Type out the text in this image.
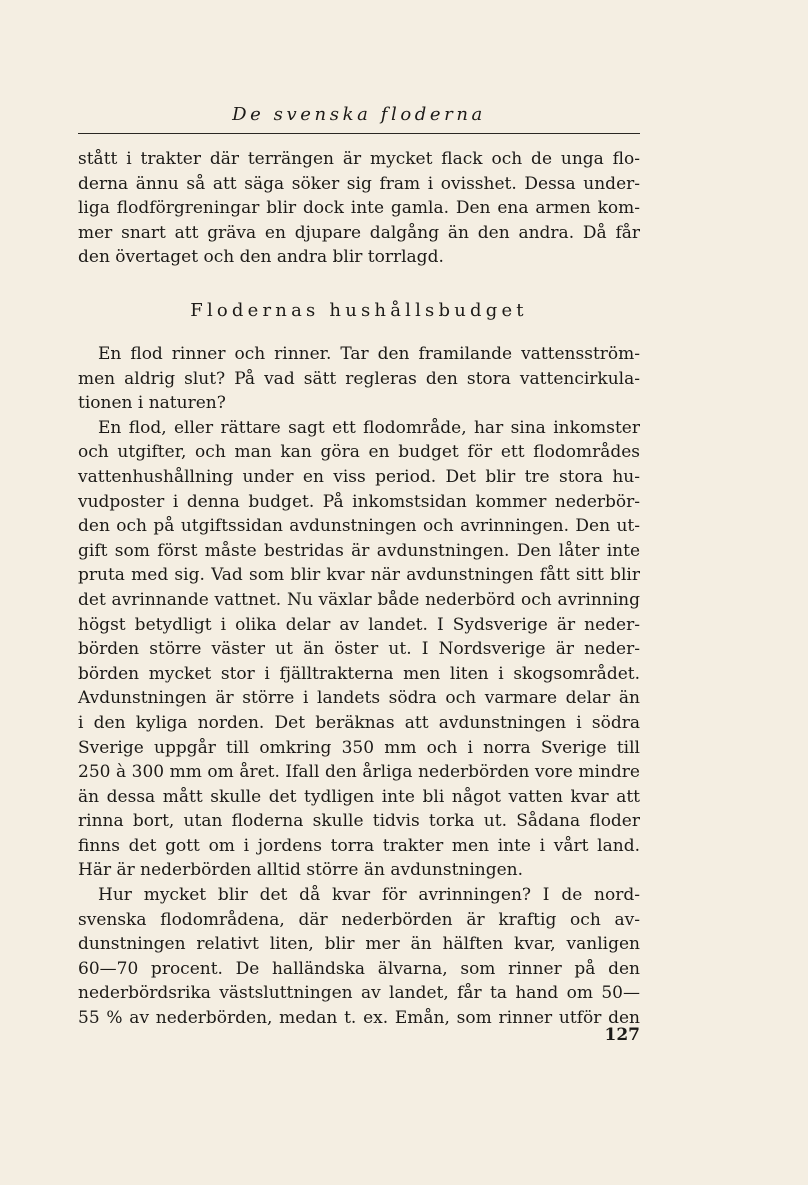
De svenska floderna
stått i trakter där terrängen är mycket flack och de unga flo-
derna ännu så att säga söker sig fram i ovisshet. Dessa under-
liga flodförgreningar blir dock inte gamla. Den ena armen kom-
mer snart att gräva en djupare dalgång än den andra. Då får
den övertaget och den andra blir torrlagd.
Flodernas hushållsbudget
En flod rinner och rinner. Tar den framilande vattensström-
men aldrig slut? På vad sätt regleras den stora vattencirkula-
tionen i naturen?
En flod, eller rättare sagt ett flodområde, har sina inkomster
och utgifter, och man kan göra en budget för ett flodområdes
vattenhushållning under en viss period. Det blir tre stora hu-
vudposter i denna budget. På inkomstsidan kommer nederbör-
den och på utgiftssidan avdunstningen och avrinningen. Den ut-
gift som först måste bestridas är avdunstningen. Den låter inte
pruta med sig. Vad som blir kvar när avdunstningen fått sitt blir
det avrinnande vattnet. Nu växlar både nederbörd och avrinning
högst betydligt i olika delar av landet. I Sydsverige är neder-
börden större väster ut än öster ut. I Nordsverige är neder-
börden mycket stor i fjälltrakterna men liten i skogsområdet.
Avdunstningen är större i landets södra och varmare delar än
i den kyliga norden. Det beräknas att avdunstningen i södra
Sverige uppgår till omkring 350 mm och i norra Sverige till
250 à 300 mm om året. Ifall den årliga nederbörden vore mindre
än dessa mått skulle det tydligen inte bli något vatten kvar att
rinna bort, utan floderna skulle tidvis torka ut. Sådana floder
finns det gott om i jordens torra trakter men inte i vårt land.
Här är nederbörden alltid större än avdunstningen.
Hur mycket blir det då kvar för avrinningen? I de nord-
svenska flodområdena, där nederbörden är kraftig och av-
dunstningen relativt liten, blir mer än hälften kvar, vanligen
60—70 procent. De halländska älvarna, som rinner på den
nederbördsrika västsluttningen av landet, får ta hand om 50—
55 % av nederbörden, medan t. ex. Emån, som rinner utför den
127
